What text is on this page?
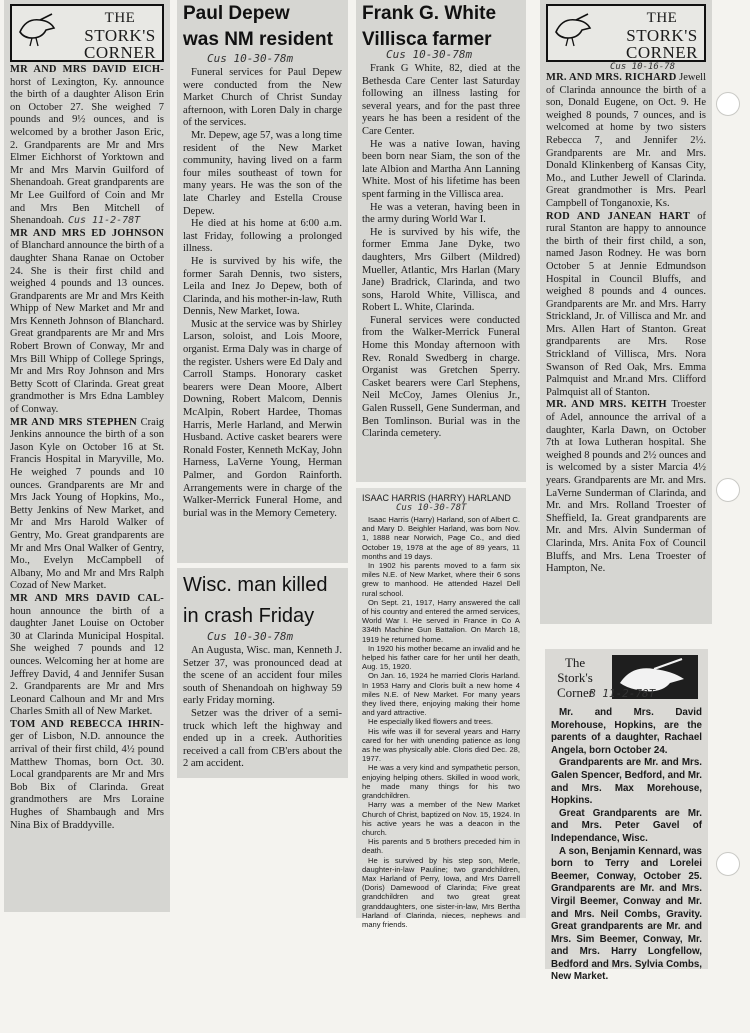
THE
STORK'S
CORNER

MR AND MRS DAVID EICH- horst of Lexington, Ky. announce the birth of a daughter Alison Erin on October 27. She weighed 7 pounds and 9½ ounces, and is welcomed by a brother Jason Eric, 2. Grandparents are Mr and Mrs Elmer Eichhorst of Yorktown and Mr and Mrs Marvin Guilford of Shenandoah. Great grandparents are Mr Lee Guilford of Coin and Mr and Mrs Ben Mitchell of Shenandoah. Cus 11-2-78T

MR AND MRS ED JOHNSON of Blanchard announce the birth of a daughter Shana Ranae on October 24. She is their first child and weighed 4 pounds and 13 ounces. Grandparents are Mr and Mrs Keith Whipp of New Market and Mr and Mrs Kenneth Johnson of Blanchard. Great grandparents are Mr and Mrs Robert Brown of Conway, Mr and Mrs Bill Whipp of College Springs, Mr and Mrs Roy Johnson and Mrs Betty Scott of Clarinda. Great great grandmother is Mrs Edna Lambley of Conway.

MR AND MRS STEPHEN Craig Jenkins announce the birth of a son Jason Kyle on October 16 at St. Francis Hospital in Maryville, Mo. He weighed 7 pounds and 10 ounces. Grandparents are Mr and Mrs Jack Young of Hopkins, Mo., Betty Jenkins of New Market, and Mr and Mrs Harold Walker of Gentry, Mo. Great grandparents are Mr and Mrs Onal Walker of Gentry, Mo., Evelyn McCampbell of Albany, Mo and Mr and Mrs Ralph Cozad of New Market.

MR AND MRS DAVID CAL- houn announce the birth of a daughter Janet Louise on October 30 at Clarinda Municipal Hospital. She weighed 7 pounds and 12 ounces. Welcoming her at home are Jeffrey David, 4 and Jennifer Susan 2. Grandparents are Mr and Mrs Leonard Calhoun and Mr and Mrs Charles Smith all of New Market.

TOM AND REBECCA IHRIN- ger of Lisbon, N.D. announce the arrival of their first child, 4½ pound Matthew Thomas, born Oct. 30. Local grandparents are Mr and Mrs Bob Bix of Clarinda. Great grandmothers are Mrs Loraine Hughes of Shambaugh and Mrs Nina Bix of Braddyville.

Paul Depew
was NM resident
Cus 10-30-78m

Funeral services for Paul Depew were conducted from the New Market Church of Christ Sunday afternoon, with Loren Daly in charge of the services.

Mr. Depew, age 57, was a long time resident of the New Market community, having lived on a farm four miles southeast of town for many years. He was the son of the late Charley and Estella Crouse Depew.

He died at his home at 6:00 a.m. last Friday, following a prolonged illness.

He is survived by his wife, the former Sarah Dennis, two sisters, Leila and Inez Jo Depew, both of Clarinda, and his mother-in-law, Ruth Dennis, New Market, Iowa.

Music at the service was by Shirley Larson, soloist, and Lois Moore, organist. Erma Daly was in charge of the register. Ushers were Ed Daly and Carroll Stamps. Honorary casket bearers were Dean Moore, Albert Downing, Robert Malcom, Dennis McAlpin, Robert Hardee, Thomas Harris, Merle Harland, and Merwin Husband. Active casket bearers were Ronald Foster, Kenneth McKay, John Harness, LaVerne Young, Herman Palmer, and Gordon Rainforth. Arrangements were in charge of the Walker-Merrick Funeral Home, and burial was in the Memory Cemetery.

Wisc. man killed
in crash Friday
Cus 10-30-78m

An Augusta, Wisc. man, Kenneth J. Setzer 37, was pronounced dead at the scene of an accident four miles south of Shenandoah on highway 59 early Friday morning.

Setzer was the driver of a semi-truck which left the highway and ended up in a creek. Authorities received a call from CB'ers about the 2 am accident.

Frank G. White
Villisca farmer
Cus 10-30-78m

Frank G White, 82, died at the Bethesda Care Center last Saturday following an illness lasting for several years, and for the past three years he has been a resident of the Care Center.

He was a native Iowan, having been born near Siam, the son of the late Albion and Martha Ann Lanning White. Most of his lifetime has been spent farming in the Villisca area.

He was a veteran, having been in the army during World War I.

He is survived by his wife, the former Emma Jane Dyke, two daughters, Mrs Gilbert (Mildred) Mueller, Atlantic, Mrs Harlan (Mary Jane) Bradrick, Clarinda, and two sons, Harold White, Villisca, and Robert L. White, Clarinda.

Funeral services were conducted from the Walker-Merrick Funeral Home this Monday afternoon with Rev. Ronald Swedberg in charge. Organist was Gretchen Sperry. Casket bearers were Carl Stephens, Neil McCoy, James Olenius Jr., Galen Russell, Gene Sunderman, and Ben Tomlinson. Burial was in the Clarinda cemetery.

ISAAC HARRIS (HARRY) HARLAND
Cus 10-30-78T

Isaac Harris (Harry) Harland, son of Albert C. and Mary D. Beighler Harland, was born Nov. 1, 1888 near Norwich, Page Co., and died October 19, 1978 at the age of 89 years, 11 months and 19 days.

In 1902 his parents moved to a farm six miles N.E. of New Market, where their 6 sons grew to manhood. He attended Hazel Dell rural school.

On Sept. 21, 1917, Harry answered the call of his country and entered the armed services, World War I. He served in France in Co A 334th Machine Gun Battalion. On March 18, 1919 he returned home.

In 1920 his mother became an invalid and he helped his father care for her until her death, Aug. 15, 1920.

On Jan. 16, 1924 he married Cloris Harland. In 1953 Harry and Cloris built a new home 4 miles N.E. of New Market. For many years they lived there, enjoying making their home and yard attractive.

He especially liked flowers and trees.

His wife was ill for several years and Harry cared for her with unending patience as long as he was physically able. Cloris died Dec. 28, 1977.

He was a very kind and sympathetic person, enjoying helping others. Skilled in wood work, he made many things for his two grandchildren.

Harry was a member of the New Market Church of Christ, baptized on Nov. 15, 1924. In his active years he was a deacon in the church.

His parents and 5 brothers preceded him in death.

He is survived by his step son, Merle, daughter-in-law Pauline; two grandchildren, Max Harland of Perry, Iowa, and Mrs Darrell (Doris) Damewood of Clarinda; Five great grandchildren and two great great granddaughters, one sister-in-law, Mrs Bertha Harland of Clarinda, nieces, nephews and many friends.

THE
STORK'S
CORNER
Cus 10-16-78

MR. AND MRS. RICHARD Jewell of Clarinda announce the birth of a son, Donald Eugene, on Oct. 9. He weighed 8 pounds, 7 ounces, and is welcomed at home by two sisters Rebecca 7, and Jennifer 2½. Grandparents are Mr. and Mrs. Donald Klinkenberg of Kansas City, Mo., and Luther Jewell of Clarinda. Great grandmother is Mrs. Pearl Campbell of Tonganoxie, Ks.

ROD AND JANEAN HART of rural Stanton are happy to announce the birth of their first child, a son, named Jason Rodney. He was born October 5 at Jennie Edmundson Hospital in Council Bluffs, and weighed 8 pounds and 4 ounces. Grandparents are Mr. and Mrs. Harry Strickland, Jr. of Villisca and Mr. and Mrs. Allen Hart of Stanton. Great grandparents are Mrs. Rose Strickland of Villisca, Mrs. Nora Swanson of Red Oak, Mrs. Emma Palmquist and Mr.and Mrs. Clifford Palmquist all of Stanton.

MR. AND MRS. KEITH Troester of Adel, announce the arrival of a daughter, Karla Dawn, on October 7th at Iowa Lutheran hospital. She weighed 8 pounds and 2½ ounces and is welcomed by a sister Marcia 4½ years. Grandparents are Mr. and Mrs. LaVerne Sunderman of Clarinda, and Mr. and Mrs. Rolland Troester of Sheffield, Ia. Great grandparents are Mr. and Mrs. Alvin Sunderman of Clarinda, Mrs. Anita Fox of Council Bluffs, and Mrs. Lena Troester of Hampton, Ne.

The
Stork's
Corner
B 11-2-78T

Mr. and Mrs. David Morehouse, Hopkins, are the parents of a daughter, Rachael Angela, born October 24.

Grandparents are Mr. and Mrs. Galen Spencer, Bedford, and Mr. and Mrs. Max Morehouse, Hopkins.

Great Grandparents are Mr. and Mrs. Peter Gavel of Independance, Wisc.

A son, Benjamin Kennard, was born to Terry and Lorelei Beemer, Conway, October 25. Grandparents are Mr. and Mrs. Virgil Beemer, Conway and Mr. and Mrs. Neil Combs, Gravity. Great grandparents are Mr. and Mrs. Sim Beemer, Conway, Mr. and Mrs. Harry Longfellow, Bedford and Mrs. Sylvia Combs, New Market.
